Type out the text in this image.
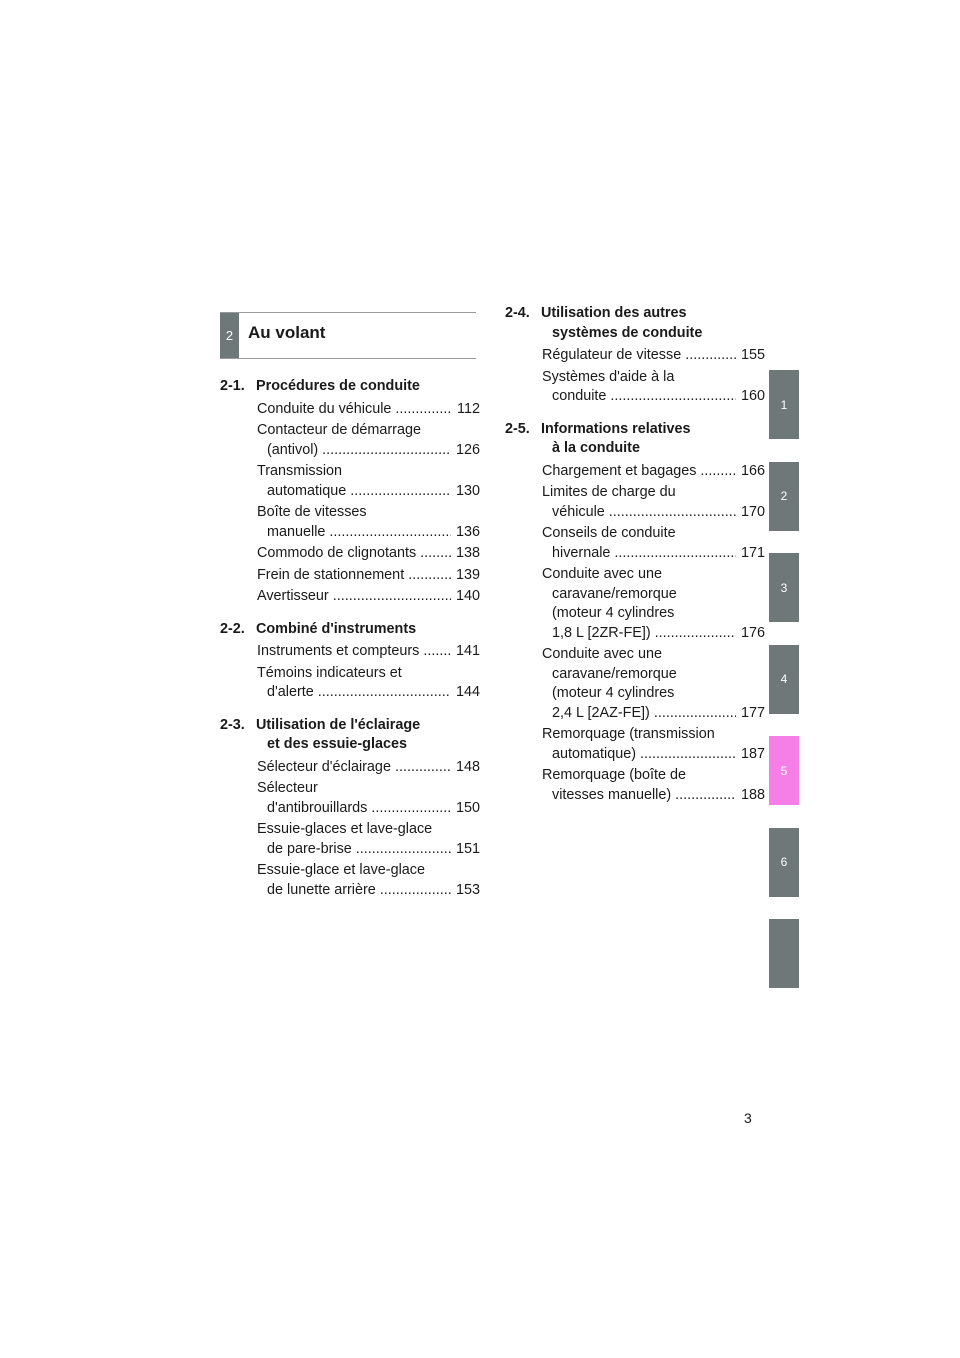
2 Au volant
2-1. Procédures de conduite
Conduite du véhicule .....	112
Contacteur de démarrage
(antivol) .....	126
Transmission
automatique .....	130
Boîte de vitesses
manuelle .....	136
Commodo de clignotants .....	138
Frein de stationnement .....	139
Avertisseur .....	140
2-2. Combiné d'instruments
Instruments et compteurs .....	141
Témoins indicateurs et
d'alerte .....	144
2-3. Utilisation de l'éclairage
et des essuie-glaces
Sélecteur d'éclairage .....	148
Sélecteur
d'antibrouillards .....	150
Essuie-glaces et lave-glace
de pare-brise .....	151
Essuie-glace et lave-glace
de lunette arrière .....	153
2-4. Utilisation des autres
systèmes de conduite
Régulateur de vitesse .....	155
Systèmes d'aide à la
conduite .....	160
2-5. Informations relatives
à la conduite
Chargement et bagages .....	166
Limites de charge du
véhicule .....	170
Conseils de conduite
hivernale .....	171
Conduite avec une
caravane/remorque
(moteur 4 cylindres
1,8 L [2ZR-FE]) .....	176
Conduite avec une
caravane/remorque
(moteur 4 cylindres
2,4 L [2AZ-FE]) .....	177
Remorquage (transmission
automatique) .....	187
Remorquage (boîte de
vitesses manuelle) .....	188
1
2
3
4
5
6
3
